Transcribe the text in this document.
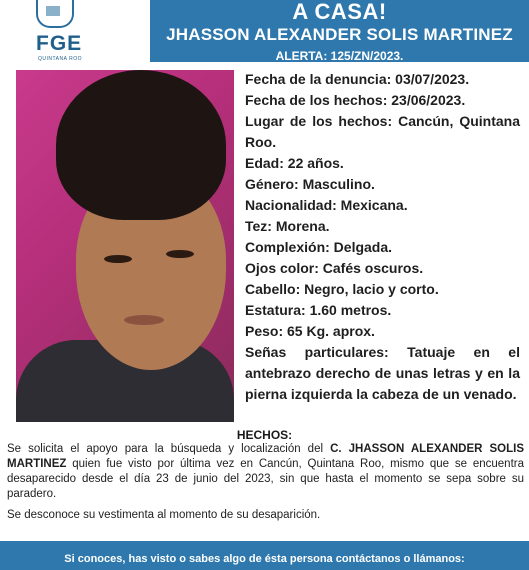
FGE
QUINTANA ROO
A CASA!
JHASSON ALEXANDER SOLIS MARTINEZ
ALERTA: 125/ZN/2023.
Fecha de la denuncia: 03/07/2023.
Fecha de los hechos: 23/06/2023.
Lugar de los hechos: Cancún, Quintana Roo.
Edad: 22 años.
Género: Masculino.
Nacionalidad: Mexicana.
Tez: Morena.
Complexión: Delgada.
Ojos color: Cafés oscuros.
Cabello: Negro, lacio y corto.
Estatura: 1.60 metros.
Peso: 65 Kg. aprox.
Señas particulares: Tatuaje en el antebrazo derecho de unas letras y en la pierna izquierda la cabeza de un venado.
HECHOS:
Se solicita el apoyo para la búsqueda y localización del C. JHASSON ALEXANDER SOLIS MARTINEZ quien fue visto por última vez en Cancún, Quintana Roo, mismo que se encuentra desaparecido desde el día 23 de junio del 2023, sin que hasta el momento se sepa sobre su paradero.
Se desconoce su vestimenta al momento de su desaparición.
Si conoces, has visto o sabes algo de ésta persona contáctanos o llámanos:
